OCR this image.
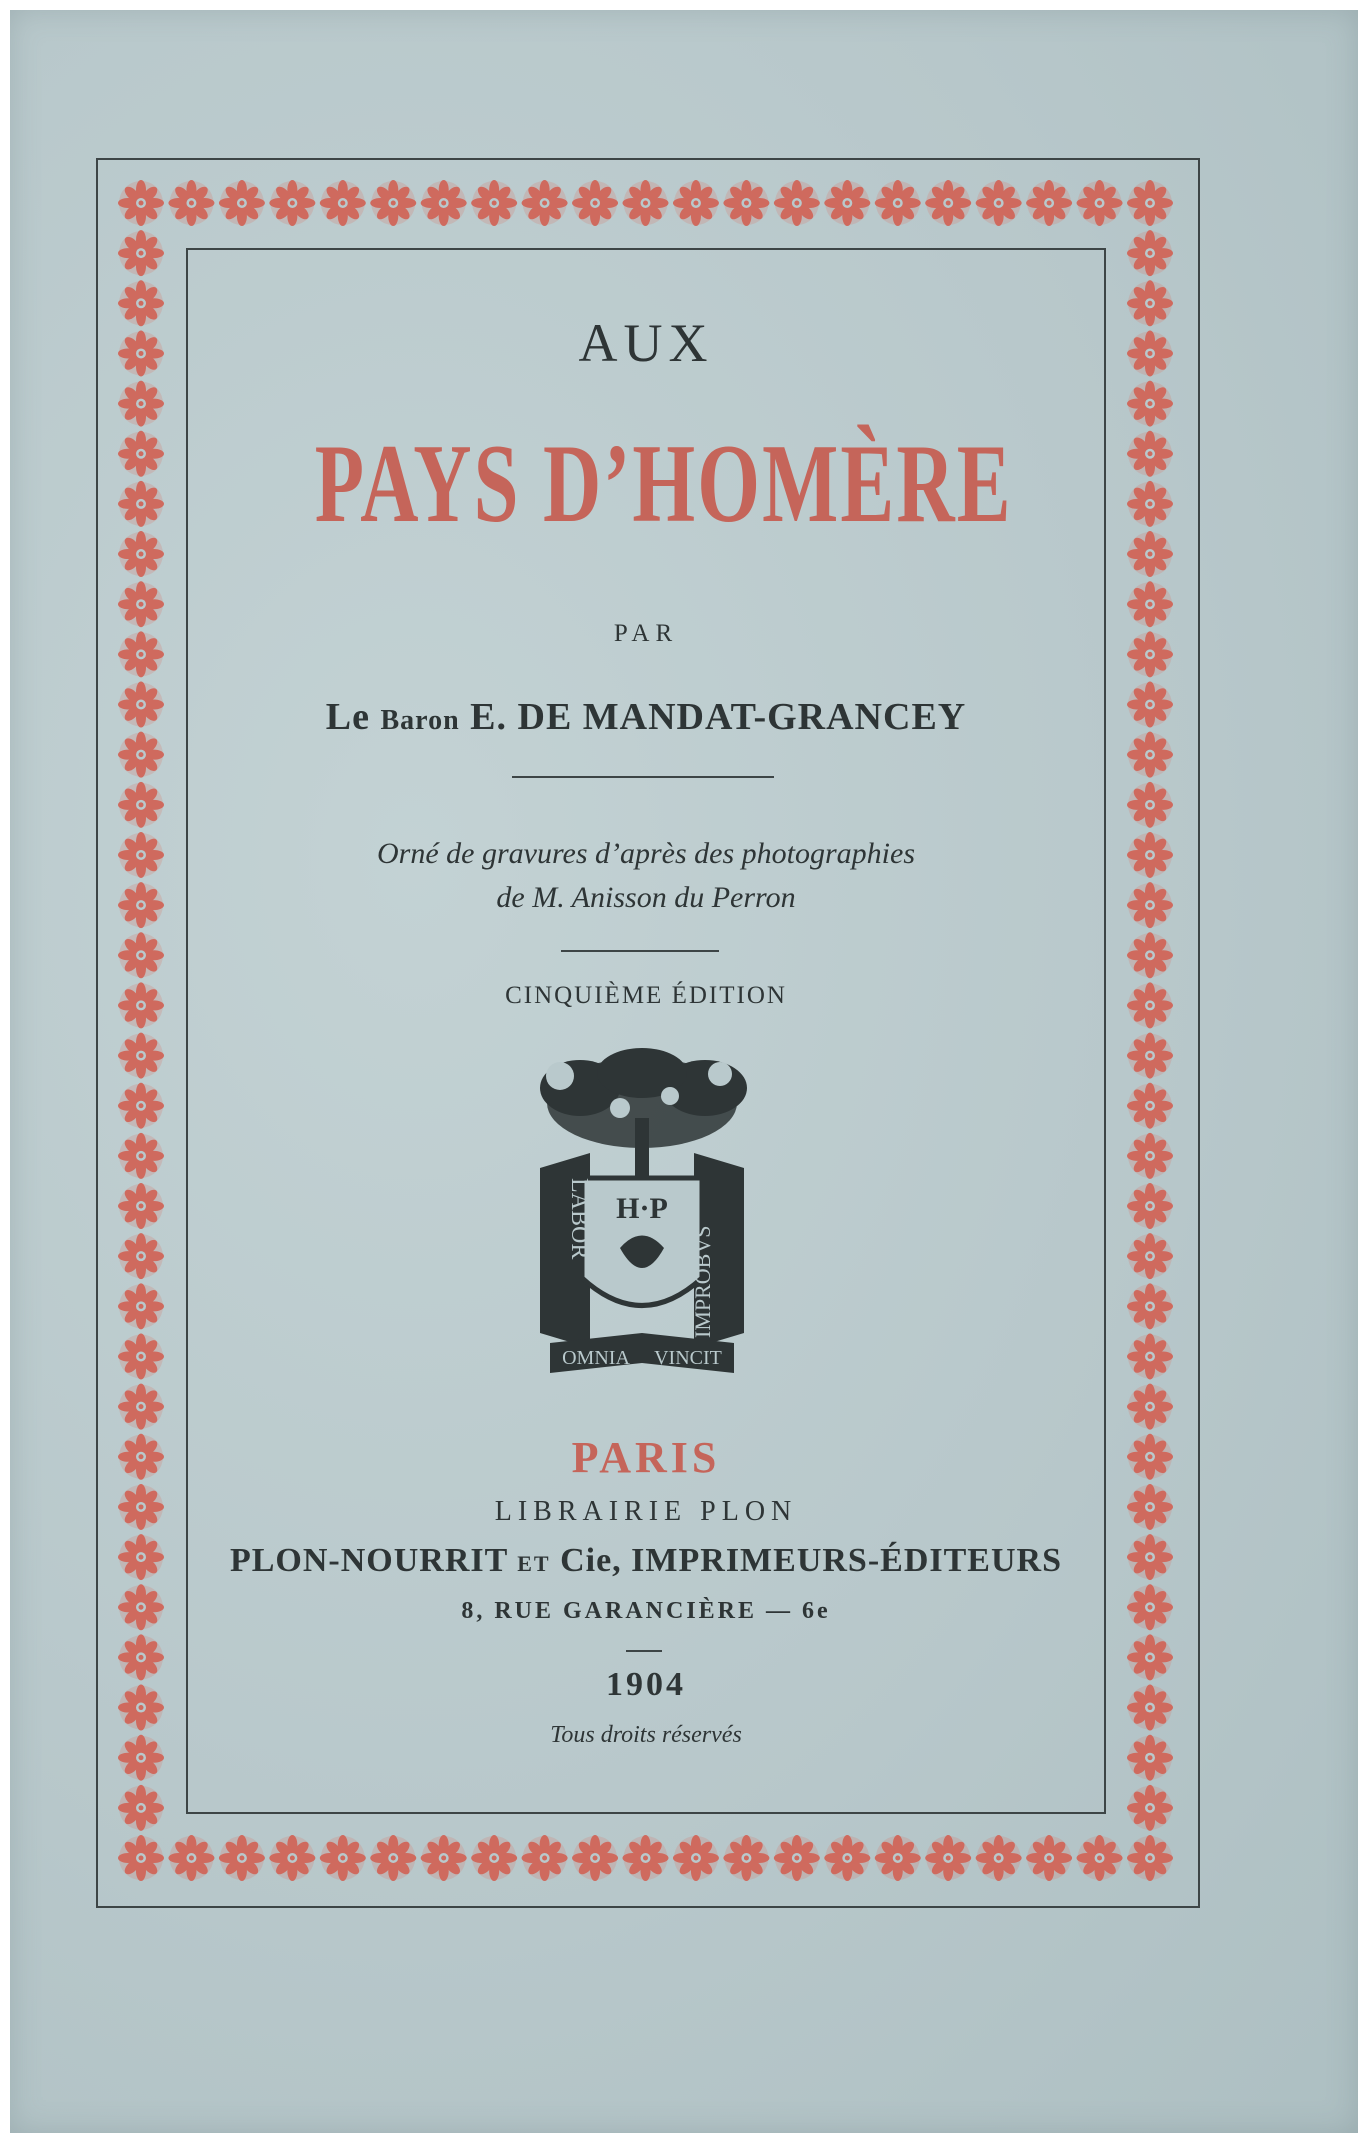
AUX
PAYS D’HOMÈRE
PAR
Le Baron E. DE MANDAT-GRANCEY
Orné de gravures d’après des photographies
de M. Anisson du Perron
CINQUIÈME ÉDITION
H·P
LABOR
IMPROBVS
OMNIA VINCIT
PARIS
LIBRAIRIE PLON
PLON-NOURRIT ET Cie, IMPRIMEURS-ÉDITEURS
8, RUE GARANCIÈRE — 6e
1904
Tous droits réservés
